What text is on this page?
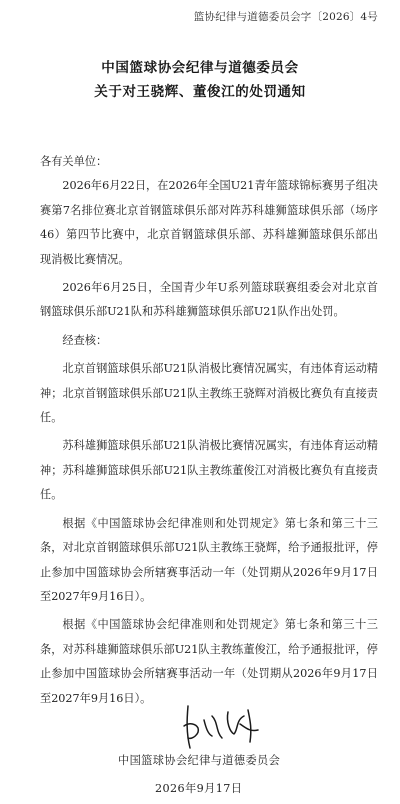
篮协纪律与道德委员会字〔2026〕4号
中国篮球协会纪律与道德委员会
关于对王骁辉、董俊江的处罚通知

各有关单位：

2026年6月22日，在2026年全国U21青年篮球锦标赛男子组决赛第7名排位赛北京首钢篮球俱乐部对阵苏科雄狮篮球俱乐部（场序46）第四节比赛中，北京首钢篮球俱乐部、苏科雄狮篮球俱乐部出现消极比赛情况。

2026年6月25日，全国青少年U系列篮球联赛组委会对北京首钢篮球俱乐部U21队和苏科雄狮篮球俱乐部U21队作出处罚。

经查核：

北京首钢篮球俱乐部U21队消极比赛情况属实，有违体育运动精神；北京首钢篮球俱乐部U21队主教练王骁辉对消极比赛负有直接责任。

苏科雄狮篮球俱乐部U21队消极比赛情况属实，有违体育运动精神；苏科雄狮篮球俱乐部U21队主教练董俊江对消极比赛负有直接责任。

根据《中国篮球协会纪律准则和处罚规定》第七条和第三十三条，对北京首钢篮球俱乐部U21队主教练王骁辉，给予通报批评，停止参加中国篮球协会所辖赛事活动一年（处罚期从2026年9月17日至2027年9月16日）。

根据《中国篮球协会纪律准则和处罚规定》第七条和第三十三条，对苏科雄狮篮球俱乐部U21队主教练董俊江，给予通报批评，停止参加中国篮球协会所辖赛事活动一年（处罚期从2026年9月17日至2027年9月16日）。

中国篮球协会纪律与道德委员会
2026年9月17日
